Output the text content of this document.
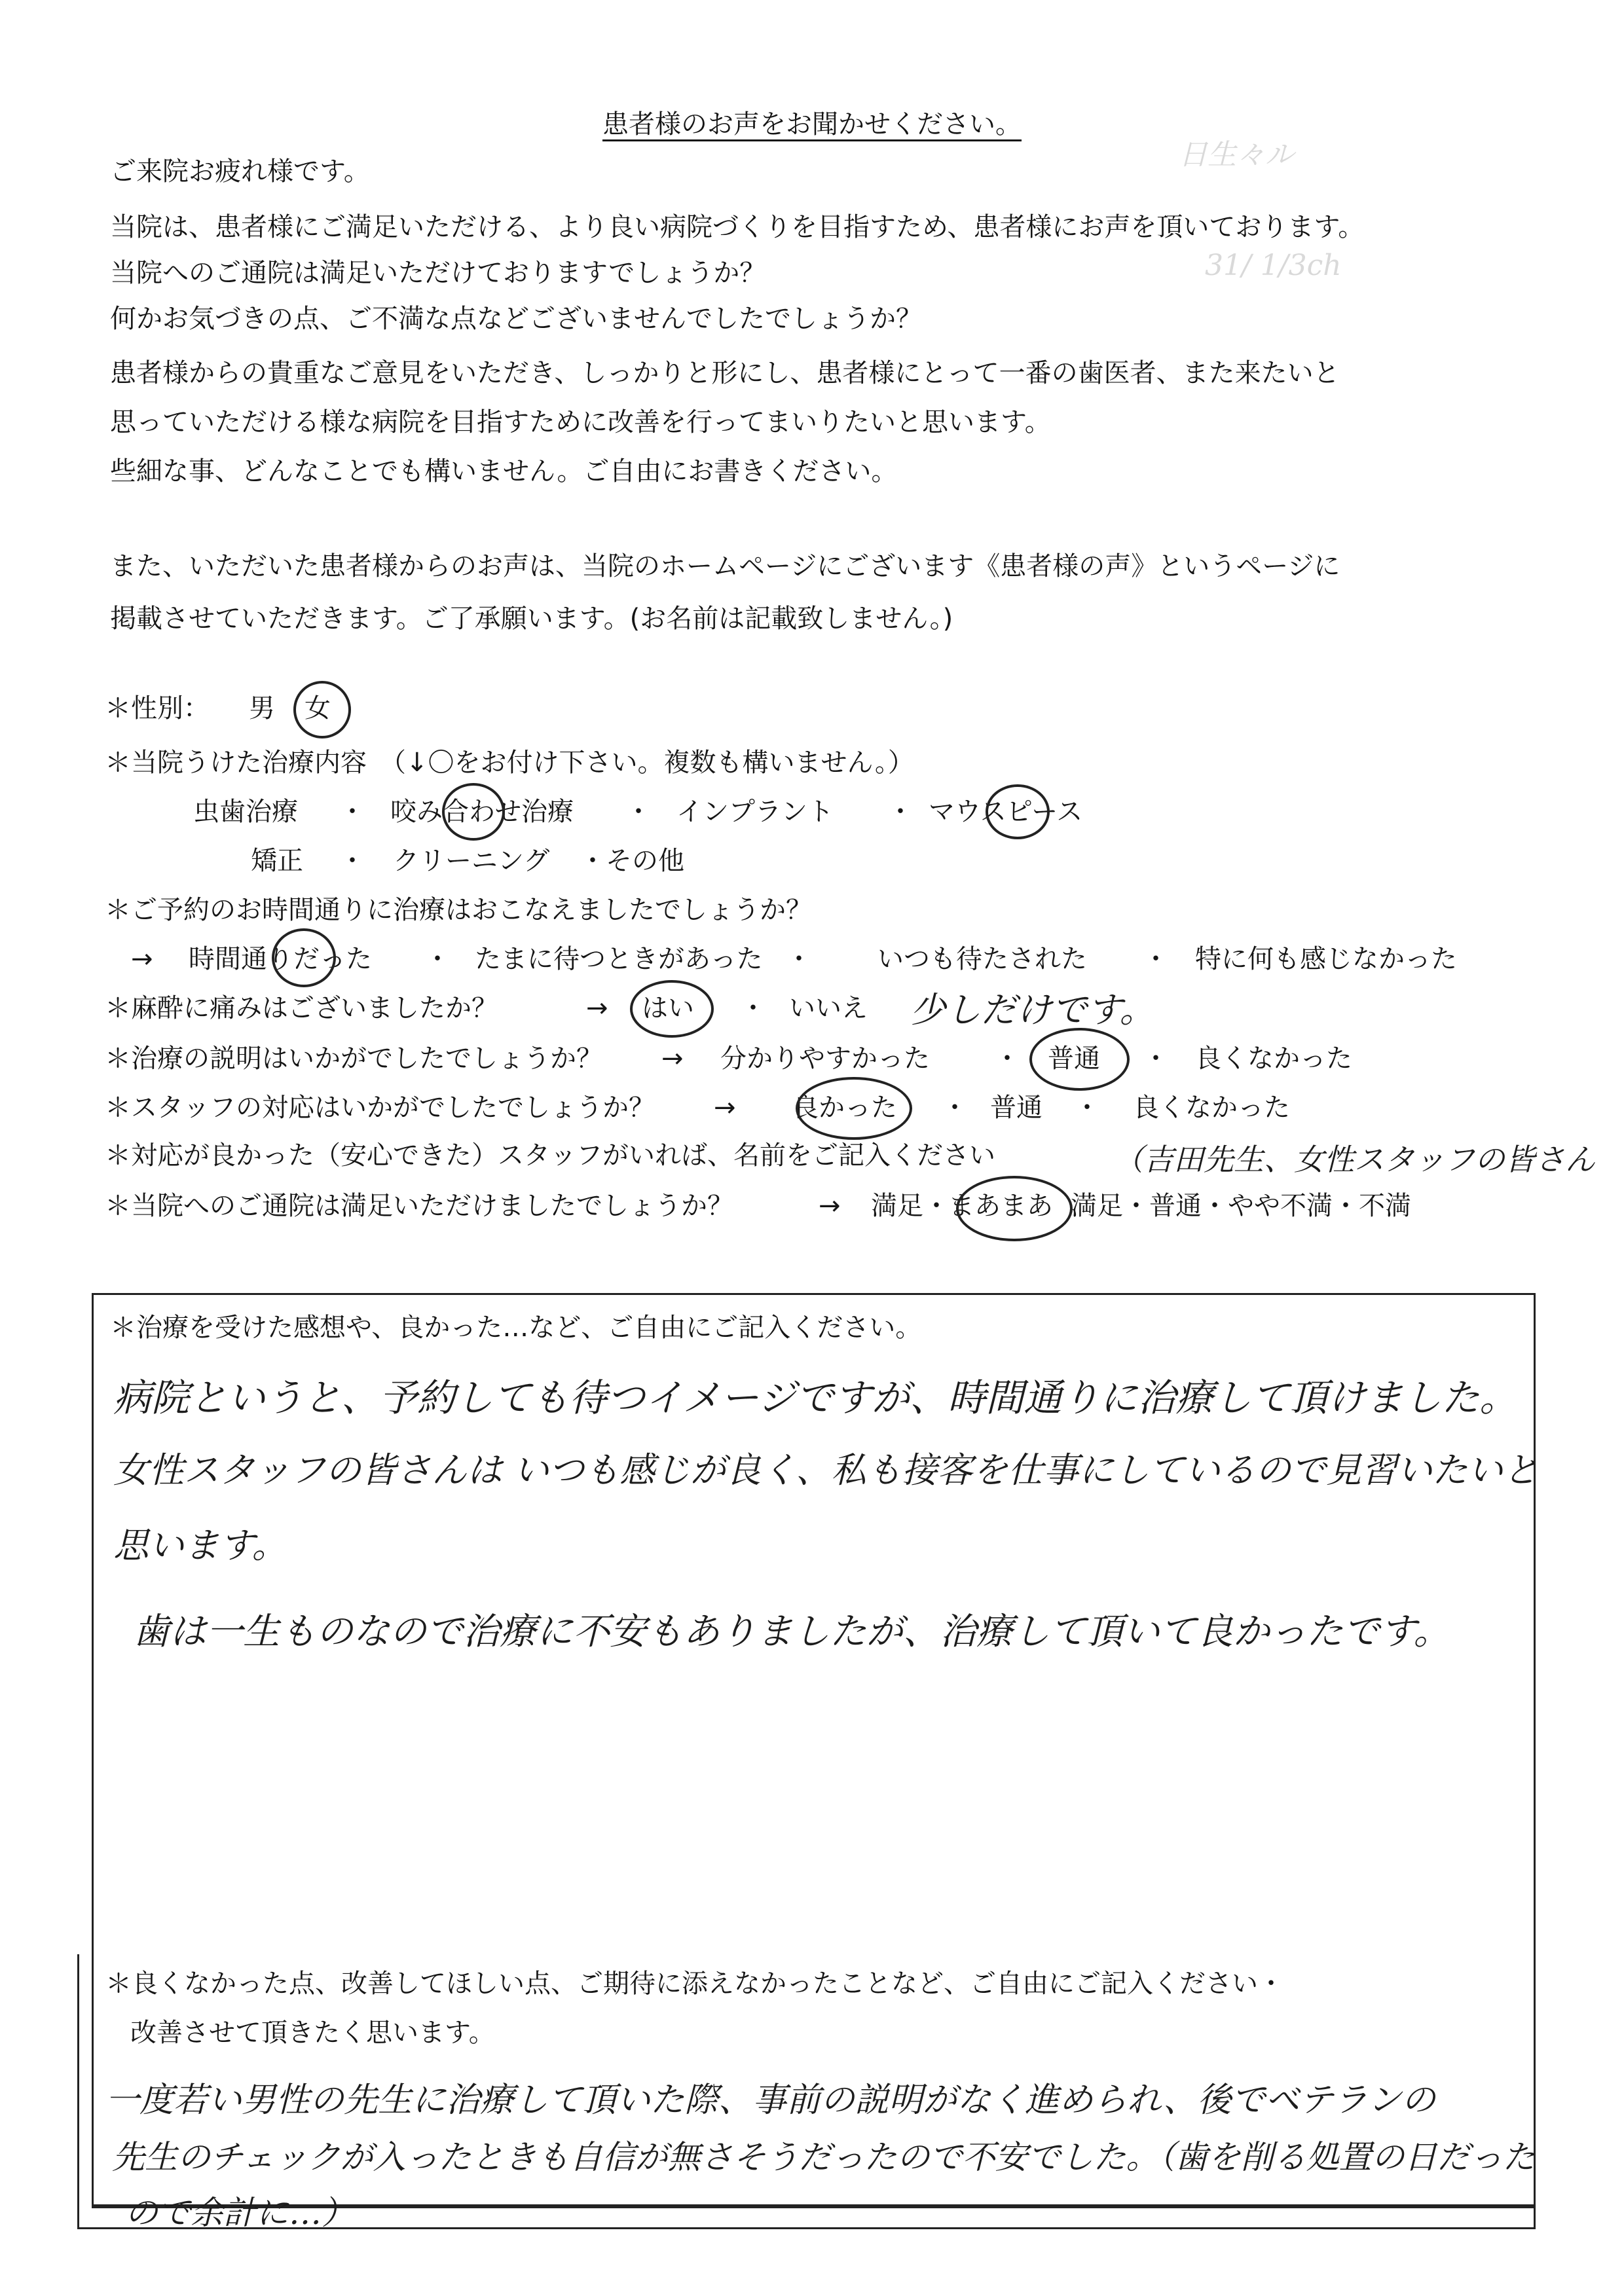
日生々ル
31/ 1/3ch
患者様のお声をお聞かせください。
ご来院お疲れ様です。
当院は、患者様にご満足いただける、より良い病院づくりを目指すため、患者様にお声を頂いております。
当院へのご通院は満足いただけておりますでしょうか？
何かお気づきの点、ご不満な点などございませんでしたでしょうか？
患者様からの貴重なご意見をいただき、しっかりと形にし、患者様にとって一番の歯医者、また来たいと
思っていただける様な病院を目指すために改善を行ってまいりたいと思います。
些細な事、どんなことでも構いません。ご自由にお書きください。
また、いただいた患者様からのお声は、当院のホームページにございます《患者様の声》というページに
掲載させていただきます。ご了承願います。(お名前は記載致しません。)
＊性別： 男 女
＊当院うけた治療内容　（↓〇をお付け下さい。複数も構いません。）
虫歯治療 ・ 咬み合わせ治療 ・ インプラント ・ マウスピース
矯正 ・ クリーニング ・その他
＊ご予約のお時間通りに治療はおこなえましたでしょうか？
→ 時間通りだった ・ たまに待つときがあった ・	いつも待たされた ・ 特に何も感じなかった
＊麻酔に痛みはございましたか？	→ はい ・ いいえ 少しだけです。
＊治療の説明はいかがでしたでしょうか？ → 分かりやすかった ・ 普通 ・ 良くなかった
＊スタッフの対応はいかがでしたでしょうか？ → 良かった ・ 普通 ・ 良くなかった
＊対応が良かった（安心できた）スタッフがいれば、名前をご記入ください	（吉田先生、女性スタッフの皆さん
＊当院へのご通院は満足いただけましたでしょうか？	→ 満足・
まあまあ 満足・普通・やや不満・不満
＊治療を受けた感想や、良かった…など、ご自由にご記入ください。
病院というと、予約しても待つイメージですが、時間通りに治療して頂けました。
女性スタッフの皆さんは いつも感じが良く、私も接客を仕事にしているので見習いたいと
思います。
歯は一生ものなので治療に不安もありましたが、治療して頂いて良かったです。
＊良くなかった点、改善してほしい点、ご期待に添えなかったことなど、ご自由にご記入ください・
改善させて頂きたく思います。
一度若い男性の先生に治療して頂いた際、事前の説明がなく進められ、後でベテランの
先生のチェックが入ったときも自信が無さそうだったので不安でした。（歯を削る処置の日だった
ので余計に…）
